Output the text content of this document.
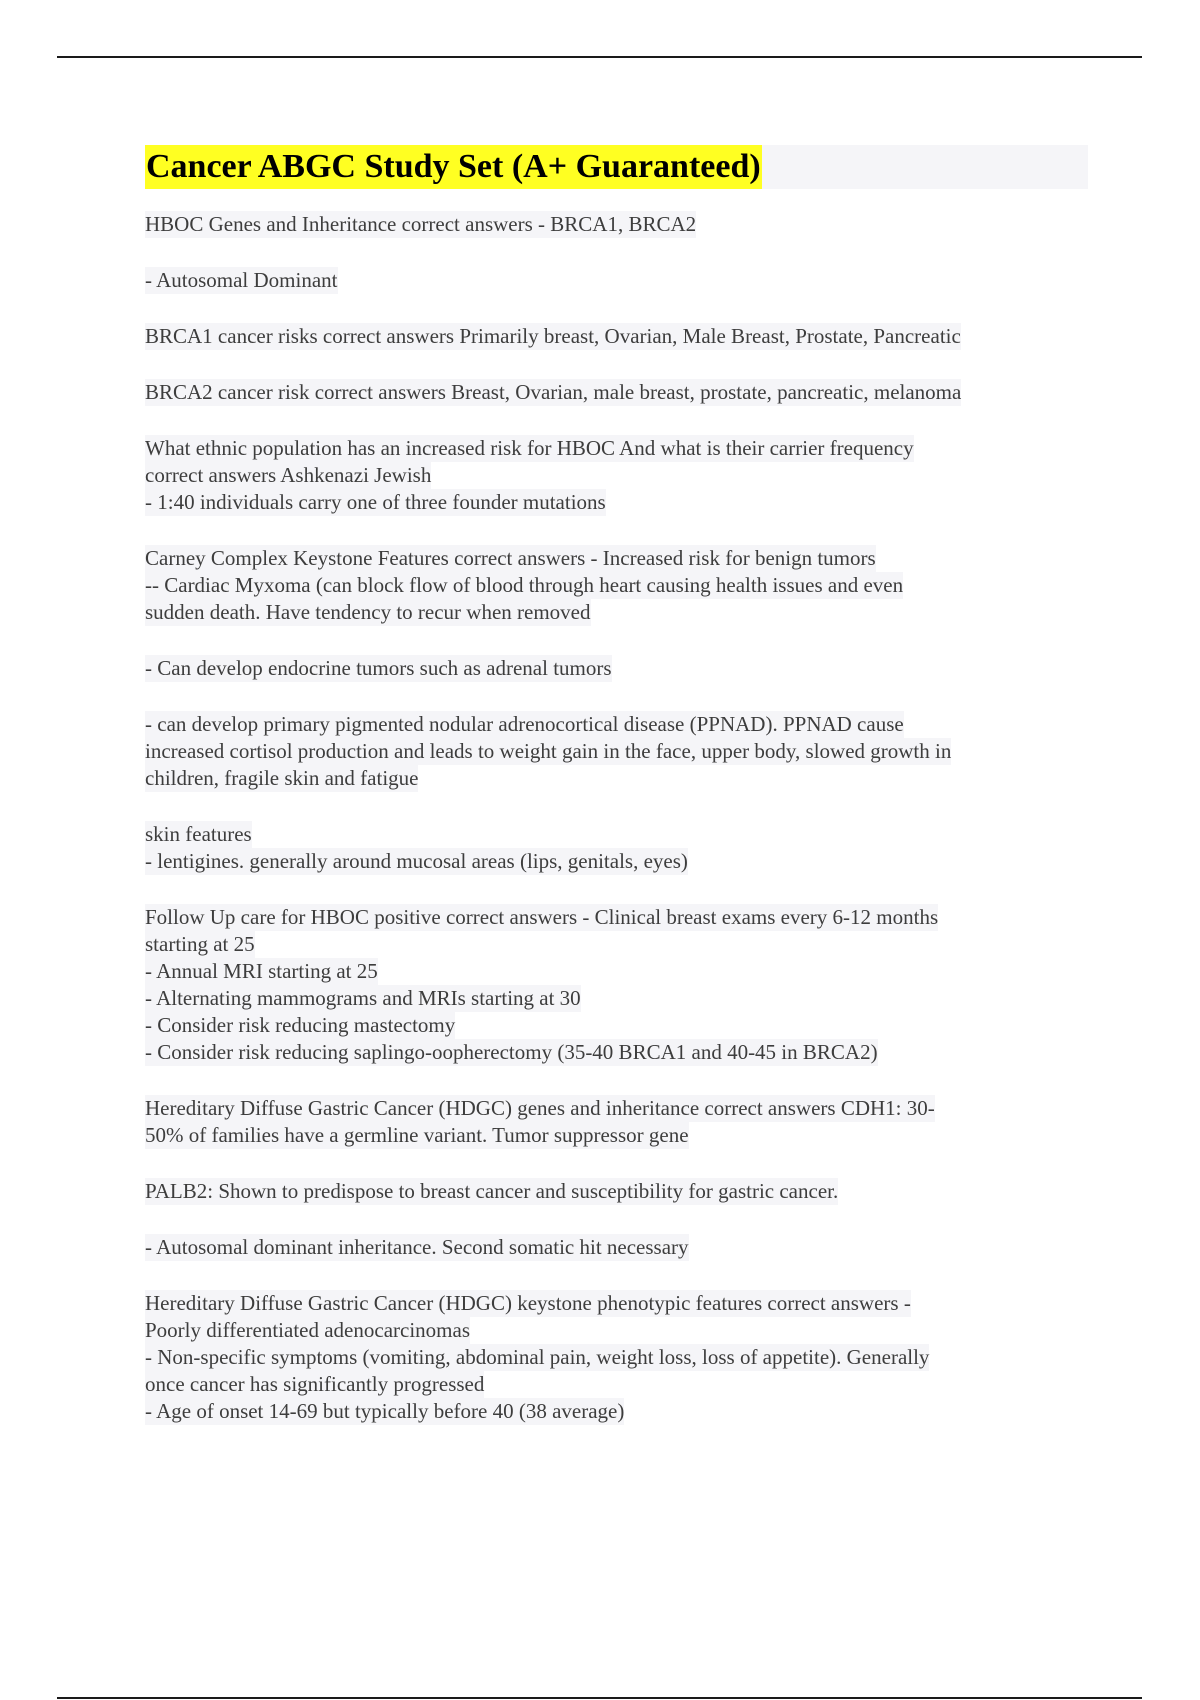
Cancer ABGC Study Set (A+ Guaranteed)
HBOC Genes and Inheritance correct answers - BRCA1, BRCA2
- Autosomal Dominant
BRCA1 cancer risks correct answers Primarily breast, Ovarian, Male Breast, Prostate, Pancreatic
BRCA2 cancer risk correct answers Breast, Ovarian, male breast, prostate, pancreatic, melanoma
What ethnic population has an increased risk for HBOC And what is their carrier frequency
correct answers Ashkenazi Jewish
- 1:40 individuals carry one of three founder mutations
Carney Complex Keystone Features correct answers - Increased risk for benign tumors
-- Cardiac Myxoma (can block flow of blood through heart causing health issues and even
sudden death. Have tendency to recur when removed
- Can develop endocrine tumors such as adrenal tumors
- can develop primary pigmented nodular adrenocortical disease (PPNAD). PPNAD cause
increased cortisol production and leads to weight gain in the face, upper body, slowed growth in
children, fragile skin and fatigue
skin features
- lentigines. generally around mucosal areas (lips, genitals, eyes)
Follow Up care for HBOC positive correct answers - Clinical breast exams every 6-12 months
starting at 25
- Annual MRI starting at 25
- Alternating mammograms and MRIs starting at 30
- Consider risk reducing mastectomy
- Consider risk reducing saplingo-oopherectomy (35-40 BRCA1 and 40-45 in BRCA2)
Hereditary Diffuse Gastric Cancer (HDGC) genes and inheritance correct answers CDH1: 30-
50% of families have a germline variant. Tumor suppressor gene
PALB2: Shown to predispose to breast cancer and susceptibility for gastric cancer.
- Autosomal dominant inheritance. Second somatic hit necessary
Hereditary Diffuse Gastric Cancer (HDGC) keystone phenotypic features correct answers -
Poorly differentiated adenocarcinomas
- Non-specific symptoms (vomiting, abdominal pain, weight loss, loss of appetite). Generally
once cancer has significantly progressed
- Age of onset 14-69 but typically before 40 (38 average)
